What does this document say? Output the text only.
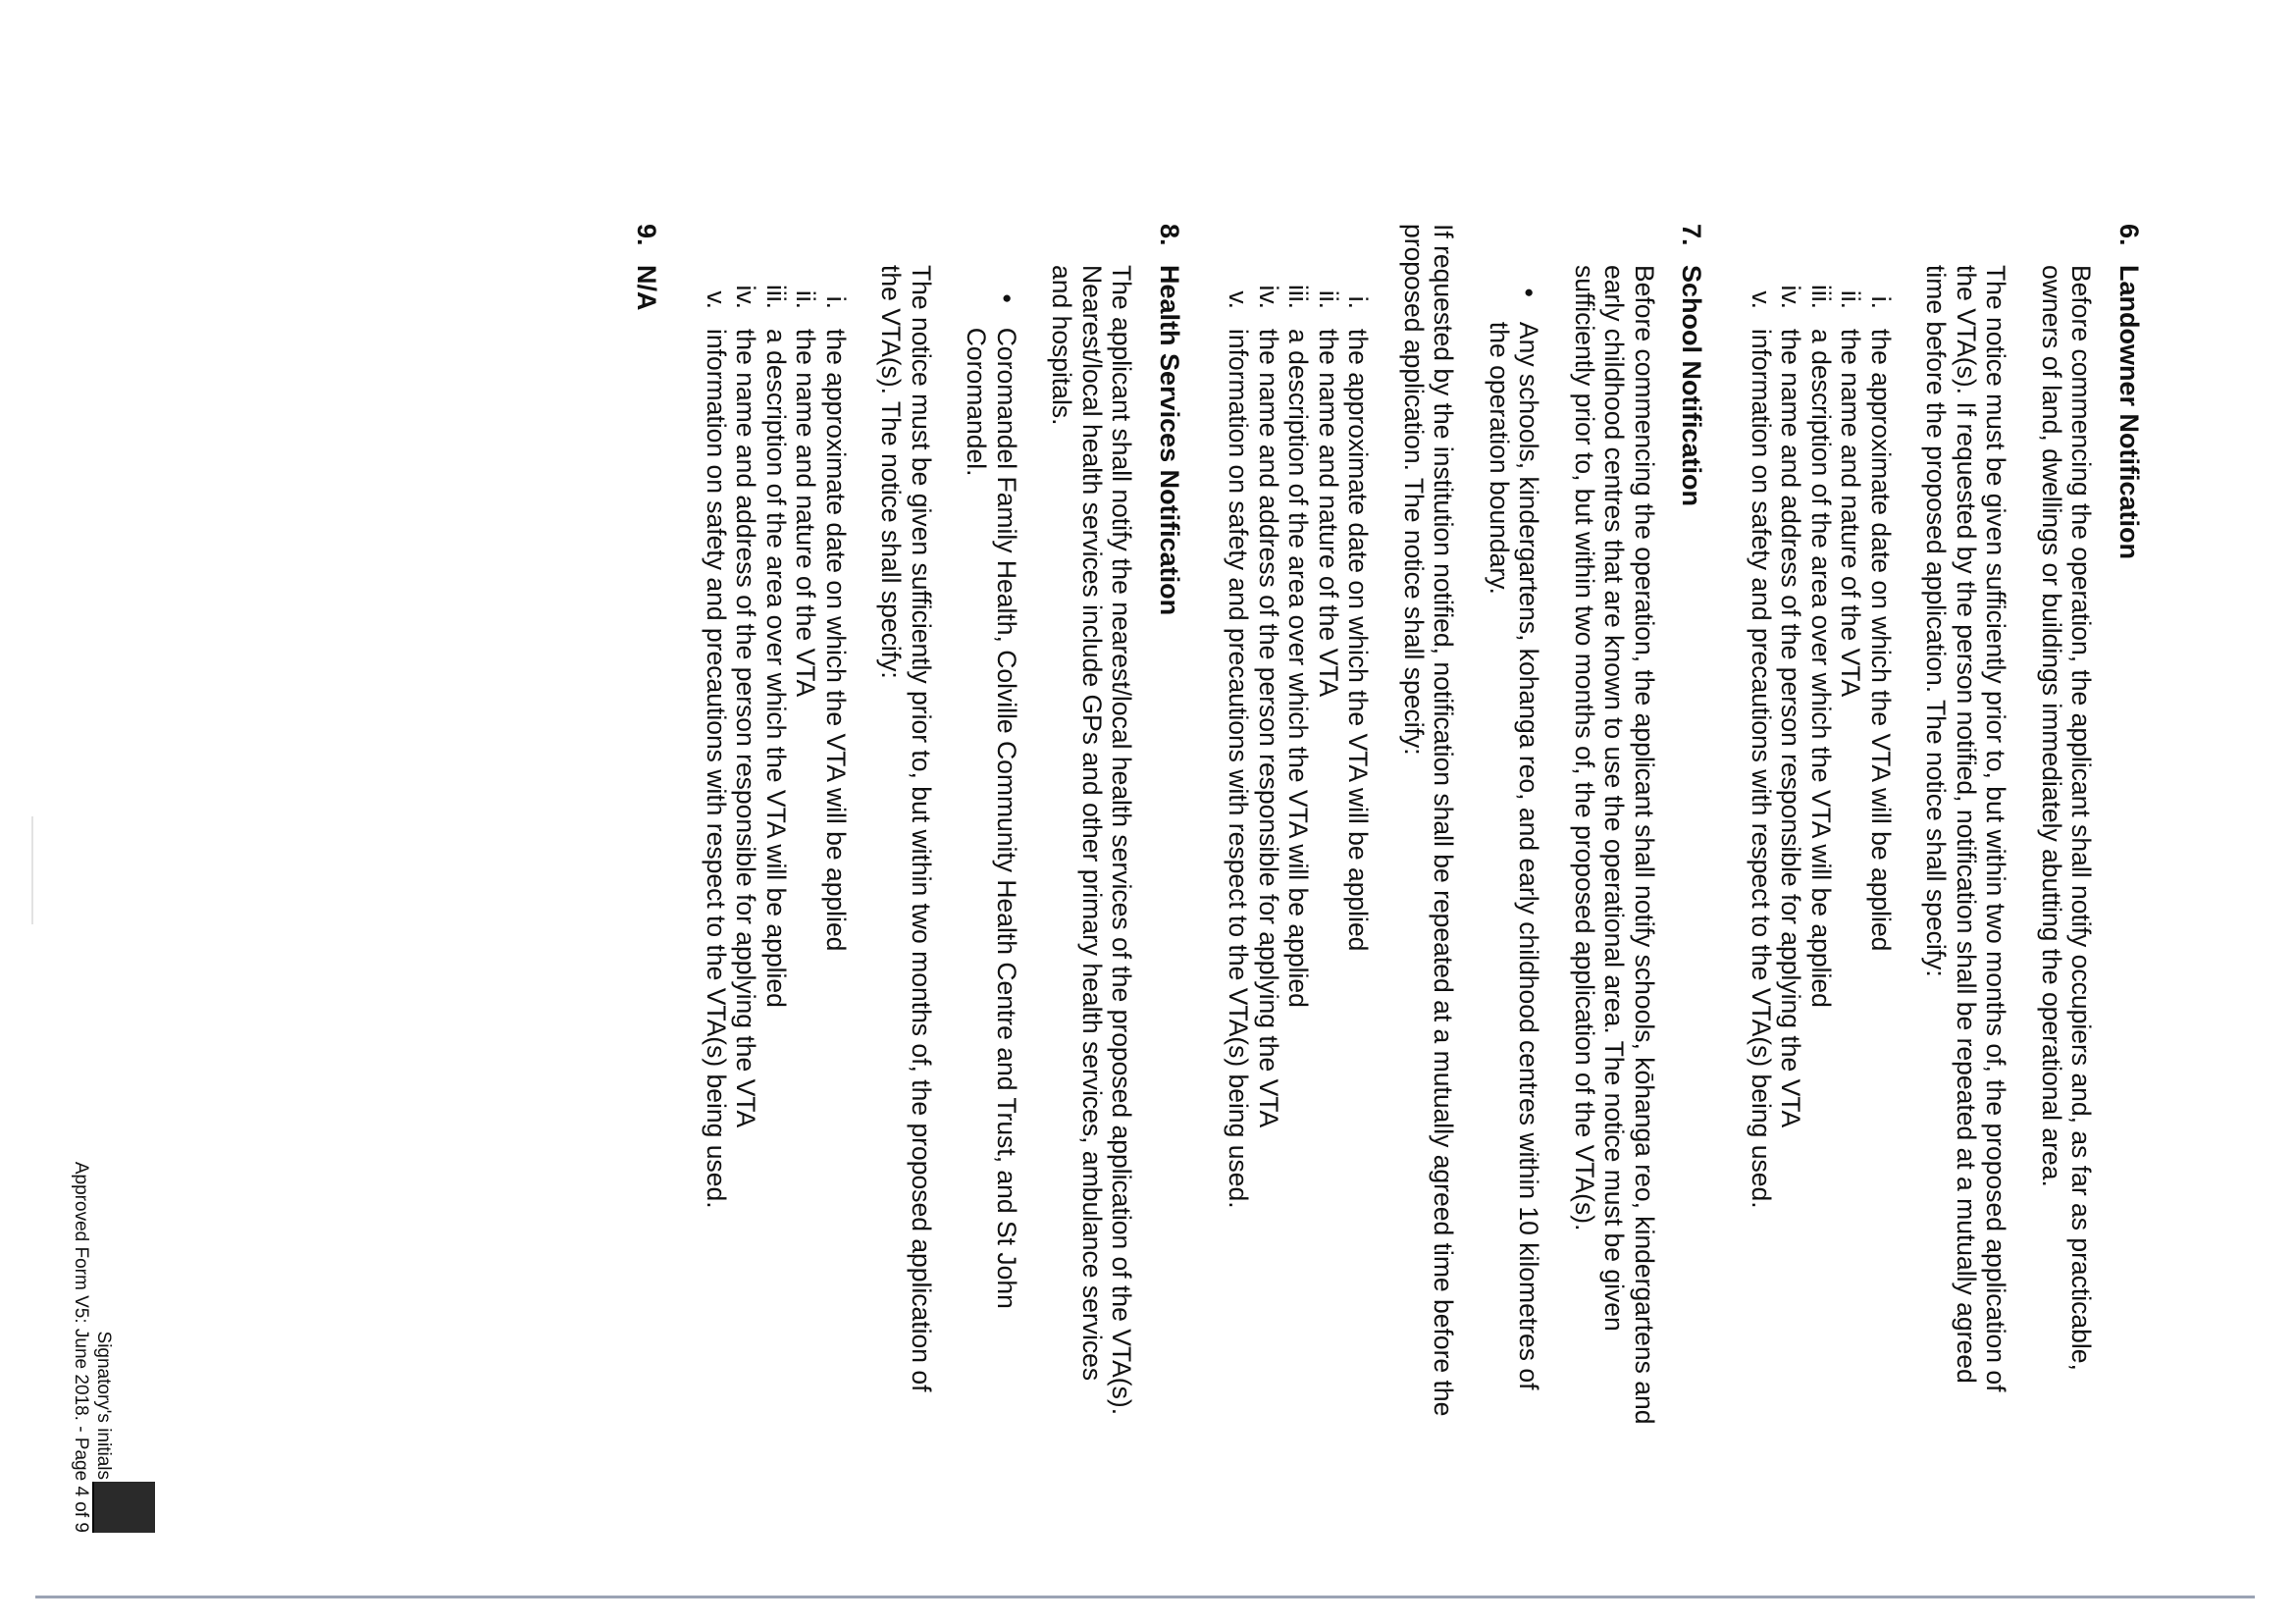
6.
Landowner Notification

Before commencing the operation, the applicant shall notify occupiers and, as far as practicable, owners of land, dwellings or buildings immediately abutting the operational area.

The notice must be given sufficiently prior to, but within two months of, the proposed application of the VTA(s). If requested by the person notified, notification shall be repeated at a mutually agreed time before the proposed application. The notice shall specify:

i.
the approximate date on which the VTA will be applied
ii.
the name and nature of the VTA
iii.
a description of the area over which the VTA will be applied
iv.
the name and address of the person responsible for applying the VTA
v.
information on safety and precautions with respect to the VTA(s) being used.
7.
School Notification

Before commencing the operation, the applicant shall notify schools, kōhanga reo, kindergartens and early childhood centres that are known to use the operational area. The notice must be given sufficiently prior to, but within two months of, the proposed application of the VTA(s).

•
Any schools, kindergartens, kohanga reo, and early childhood centres within 10 kilometres of the operation boundary.

If requested by the institution notified, notification shall be repeated at a mutually agreed time before the proposed application. The notice shall specify:

i.
the approximate date on which the VTA will be applied
ii.
the name and nature of the VTA
iii.
a description of the area over which the VTA will be applied
iv.
the name and address of the person responsible for applying the VTA
v.
information on safety and precautions with respect to the VTA(s) being used.
8.
Health Services Notification

The applicant shall notify the nearest/local health services of the proposed application of the VTA(s). Nearest/local health services include GPs and other primary health services, ambulance services and hospitals.

•
Coromandel Family Health, Colville Community Health Centre and Trust, and St John Coromandel.

The notice must be given sufficiently prior to, but within two months of, the proposed application of the VTA(s). The notice shall specify:

i.
the approximate date on which the VTA will be applied
ii.
the name and nature of the VTA
iii.
a description of the area over which the VTA will be applied
iv.
the name and address of the person responsible for applying the VTA
v.
information on safety and precautions with respect to the VTA(s) being used.
9.
N/A
Signatory's initials
Approved Form V5: June 2018. - Page 4 of 9
